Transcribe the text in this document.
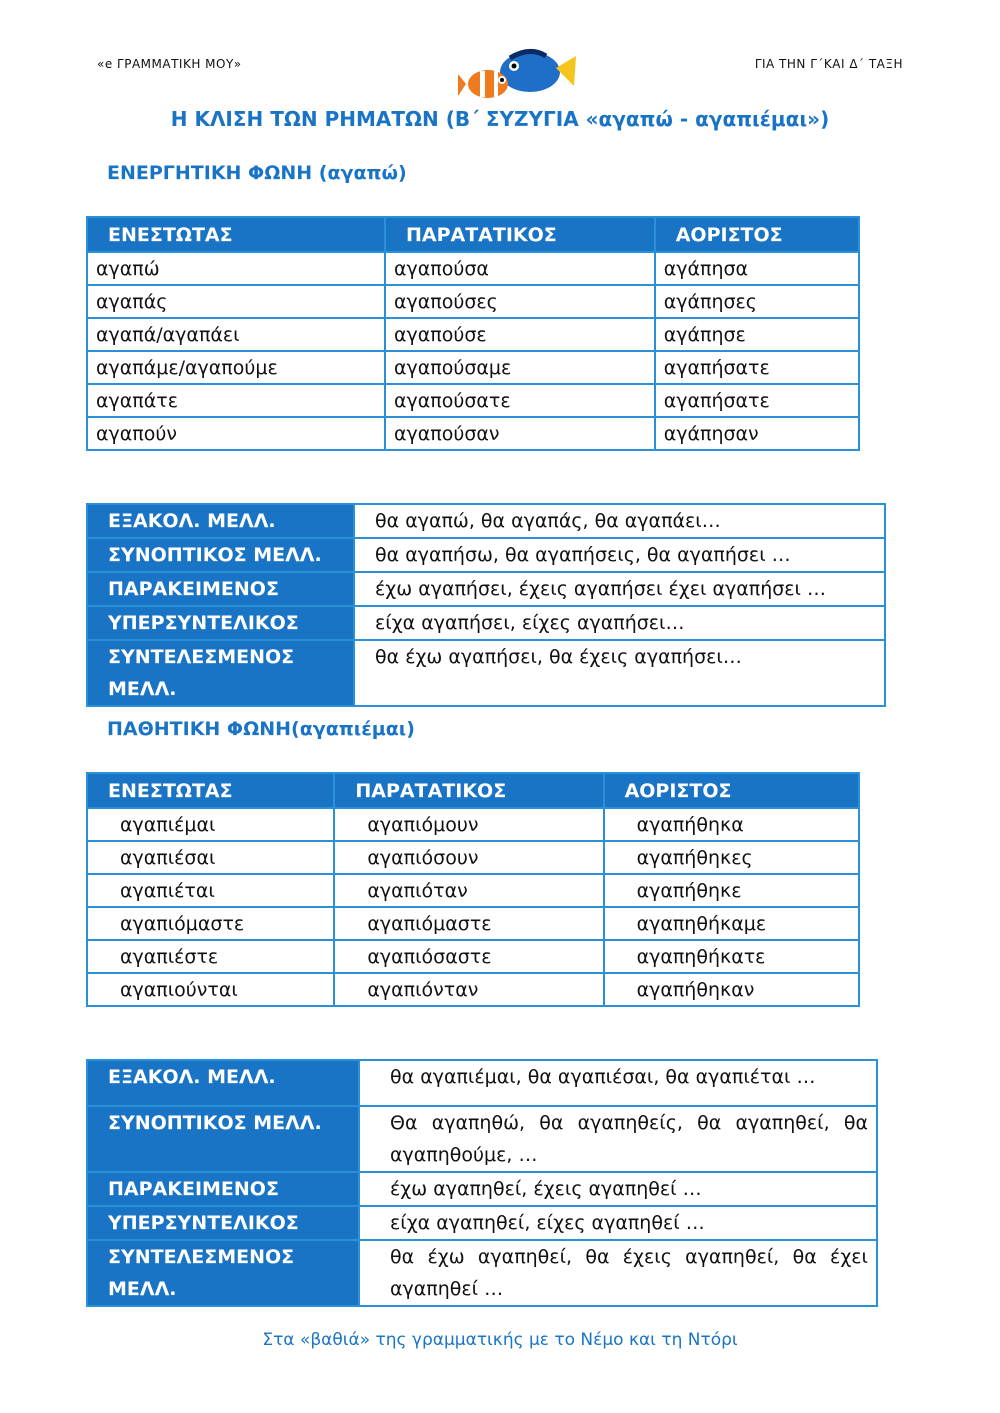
«e ΓΡΑΜΜΑΤΙΚΗ ΜΟΥ»	ΓΙΑ ΤΗΝ Γ΄ΚΑΙ Δ΄ ΤΑΞΗ
Η ΚΛΙΣΗ ΤΩΝ ΡΗΜΑΤΩΝ (Β΄ ΣΥΖΥΓΙΑ «αγαπώ - αγαπιέμαι»)
ΕΝΕΡΓΗΤΙΚΗ ΦΩΝΗ (αγαπώ)
ΕΝΕΣΤΩΤΑΣ	ΠΑΡΑΤΑΤΙΚΟΣ	ΑΟΡΙΣΤΟΣ
αγαπώ	αγαπούσα	αγάπησα
αγαπάς	αγαπούσες	αγάπησες
αγαπά/αγαπάει	αγαπούσε	αγάπησε
αγαπάμε/αγαπούμε	αγαπούσαμε	αγαπήσατε
αγαπάτε	αγαπούσατε	αγαπήσατε
αγαπούν	αγαπούσαν	αγάπησαν
ΕΞΑΚΟΛ. ΜΕΛΛ.	θα αγαπώ, θα αγαπάς, θα αγαπάει…
ΣΥΝΟΠΤΙΚΟΣ ΜΕΛΛ.	θα αγαπήσω, θα αγαπήσεις, θα αγαπήσει …
ΠΑΡΑΚΕΙΜΕΝΟΣ	έχω αγαπήσει, έχεις αγαπήσει έχει αγαπήσει …
ΥΠΕΡΣΥΝΤΕΛΙΚΟΣ	είχα αγαπήσει, είχες αγαπήσει…
ΣΥΝΤΕΛΕΣΜΕΝΟΣ ΜΕΛΛ.	θα έχω αγαπήσει, θα έχεις αγαπήσει…
ΠΑΘΗΤΙΚΗ ΦΩΝΗ(αγαπιέμαι)
ΕΝΕΣΤΩΤΑΣ	ΠΑΡΑΤΑΤΙΚΟΣ	ΑΟΡΙΣΤΟΣ
αγαπιέμαι	αγαπιόμουν	αγαπήθηκα
αγαπιέσαι	αγαπιόσουν	αγαπήθηκες
αγαπιέται	αγαπιόταν	αγαπήθηκε
αγαπιόμαστε	αγαπιόμαστε	αγαπηθήκαμε
αγαπιέστε	αγαπιόσαστε	αγαπηθήκατε
αγαπιούνται	αγαπιόνταν	αγαπήθηκαν
ΕΞΑΚΟΛ. ΜΕΛΛ.	θα αγαπιέμαι, θα αγαπιέσαι, θα αγαπιέται …
ΣΥΝΟΠΤΙΚΟΣ ΜΕΛΛ.	Θα αγαπηθώ, θα αγαπηθείς, θα αγαπηθεί, θα αγαπηθούμε, …
ΠΑΡΑΚΕΙΜΕΝΟΣ	έχω αγαπηθεί, έχεις αγαπηθεί …
ΥΠΕΡΣΥΝΤΕΛΙΚΟΣ	είχα αγαπηθεί, είχες αγαπηθεί …
ΣΥΝΤΕΛΕΣΜΕΝΟΣ ΜΕΛΛ.	θα έχω αγαπηθεί, θα έχεις αγαπηθεί, θα έχει αγαπηθεί …
Στα «βαθιά» της γραμματικής με το Νέμο και τη Ντόρι
